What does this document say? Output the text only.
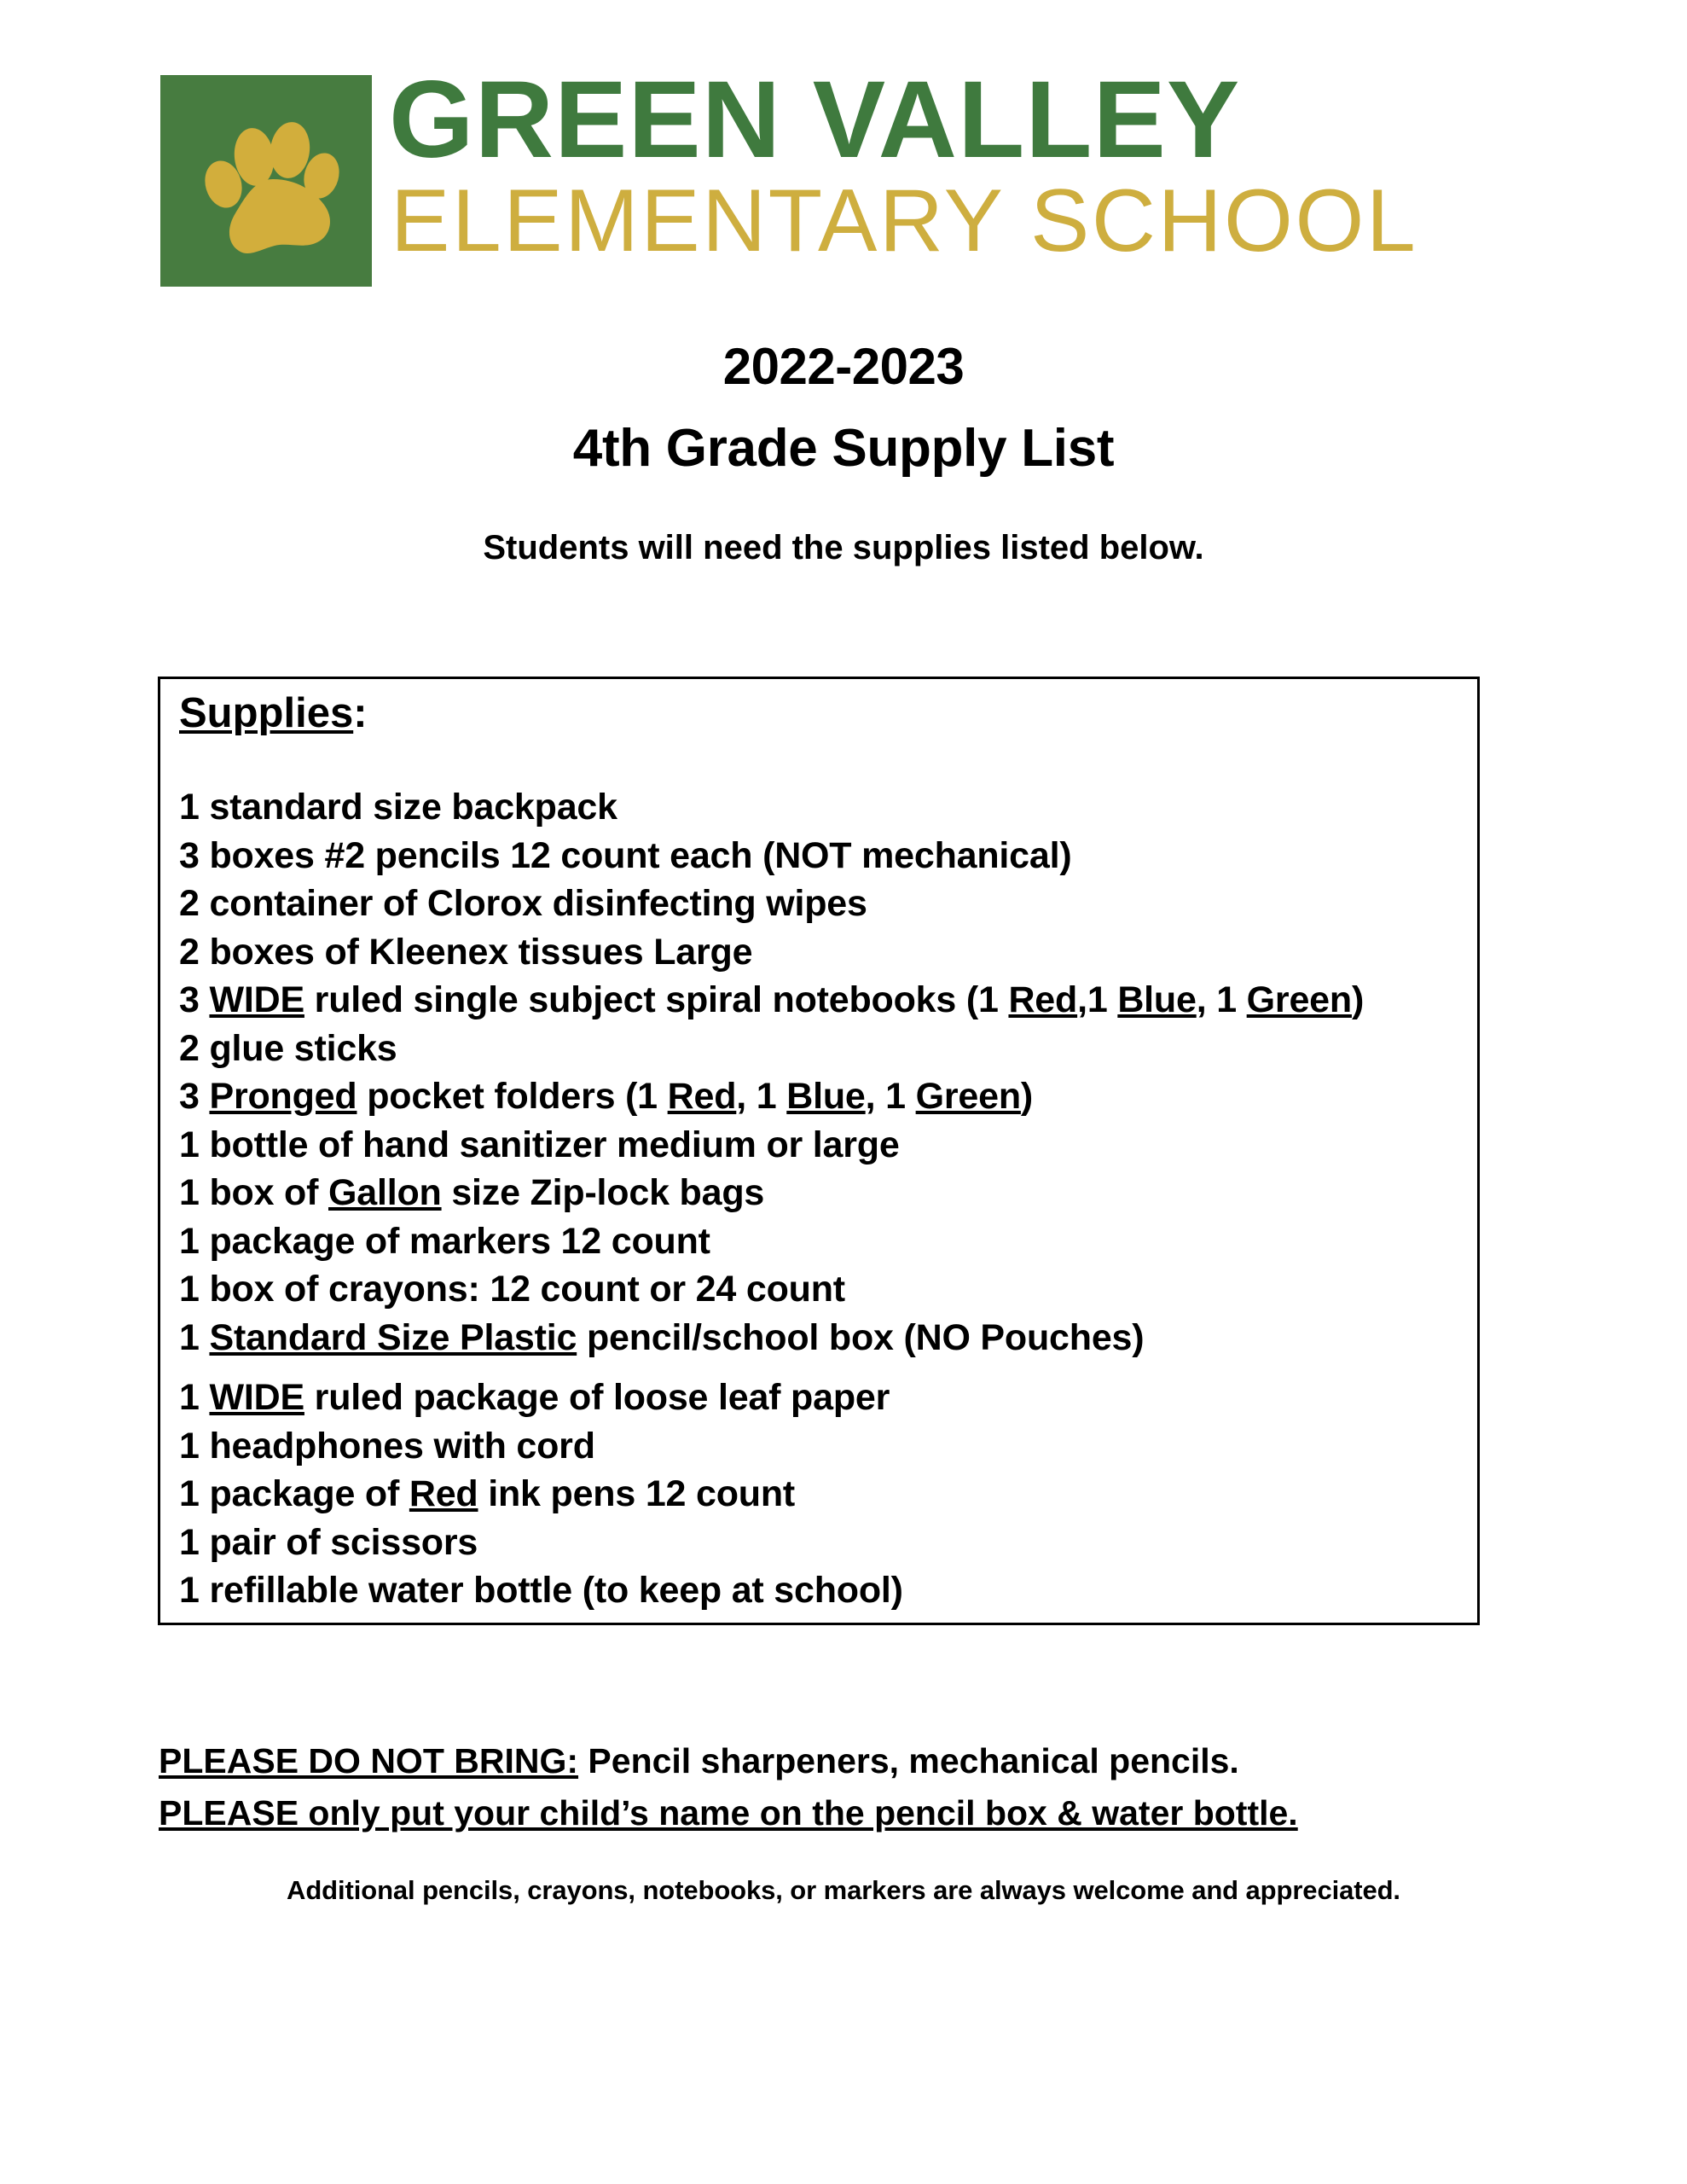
GREEN VALLEY
ELEMENTARY SCHOOL
2022-2023
4th Grade Supply List
Students will need the supplies listed below.
Supplies:
1 standard size backpack
3 boxes #2 pencils 12 count each (NOT mechanical)
2 container of Clorox disinfecting wipes
2 boxes of Kleenex tissues Large
3 WIDE ruled single subject spiral notebooks (1 Red,1 Blue, 1 Green)
2 glue sticks
3 Pronged pocket folders (1 Red, 1 Blue, 1 Green)
1 bottle of hand sanitizer medium or large
1 box of Gallon size Zip-lock bags
1 package of markers 12 count
1 box of crayons: 12 count or 24 count
1 Standard Size Plastic pencil/school box (NO Pouches)
1 WIDE ruled package of loose leaf paper
1 headphones with cord
1 package of Red ink pens 12 count
1 pair of scissors
1 refillable water bottle (to keep at school)
PLEASE DO NOT BRING: Pencil sharpeners, mechanical pencils.
PLEASE only put your child’s name on the pencil box & water bottle.
Additional pencils, crayons, notebooks, or markers are always welcome and appreciated.
